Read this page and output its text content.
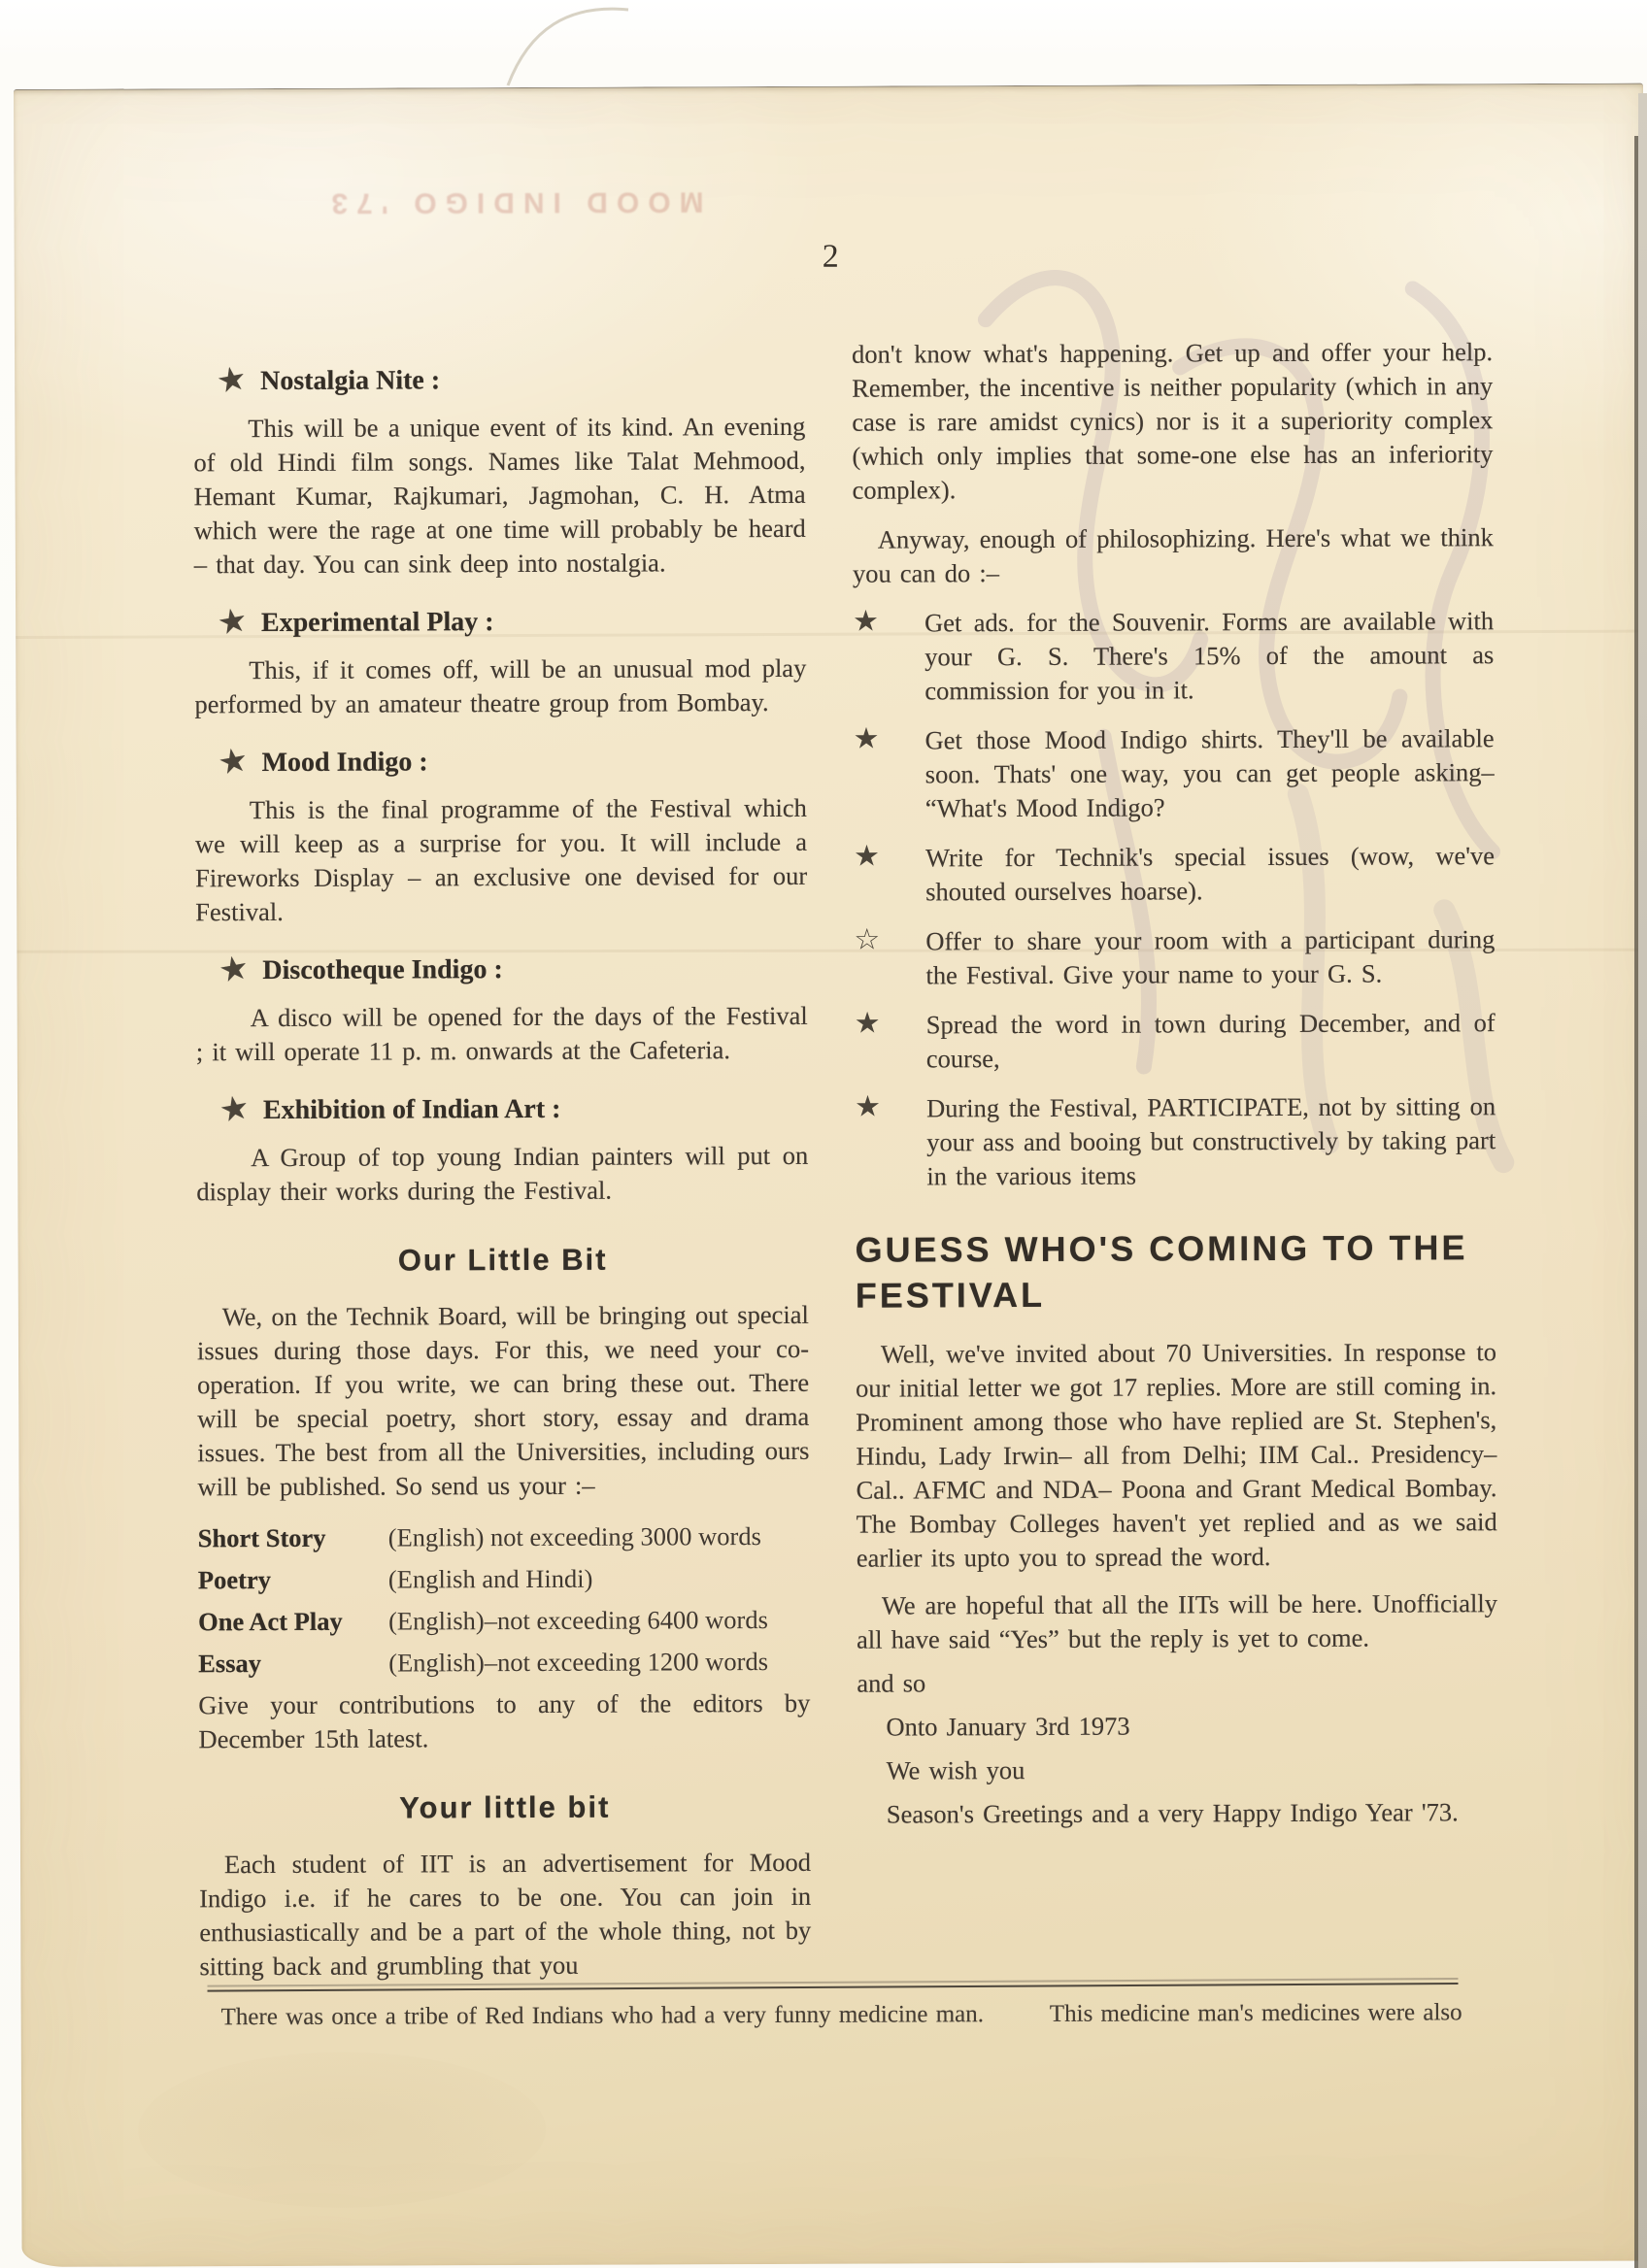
MOOD INDIGO '73
2
★ Nostalgia Nite :

This will be a unique event of its kind. An evening of old Hindi film songs. Names like Talat Mehmood, Hemant Kumar, Rajkumari, Jagmohan, C. H. Atma which were the rage at one time will probably be heard – that day. You can sink deep into nostalgia.

★ Experimental Play :

This, if it comes off, will be an unusual mod play performed by an amateur theatre group from Bombay.

★ Mood Indigo :

This is the final programme of the Festival which we will keep as a surprise for you. It will include a Fireworks Display – an exclusive one devised for our Festival.

★ Discotheque Indigo :

A disco will be opened for the days of the Festival ; it will operate 11 p. m. onwards at the Cafeteria.

★ Exhibition of Indian Art :

A Group of top young Indian painters will put on display their works during the Festival.

Our Little Bit

We, on the Technik Board, will be bringing out special issues during those days. For this, we need your co-operation. If you write, we can bring these out. There will be special poetry, short story, essay and drama issues. The best from all the Universities, including ours will be published. So send us your :–

Short Story	(English) not exceeding 3000 words
Poetry	(English and Hindi)
One Act Play	(English)–not exceeding 6400 words
Essay	(English)–not exceeding 1200 words

Give your contributions to any of the editors by December 15th latest.

Your little bit

Each student of IIT is an advertisement for Mood Indigo i.e. if he cares to be one. You can join in enthusiastically and be a part of the whole thing, not by sitting back and grumbling that you

don't know what's happening. Get up and offer your help. Remember, the incentive is neither popularity (which in any case is rare amidst cynics) nor is it a superiority complex (which only implies that some-one else has an inferiority complex).

Anyway, enough of philosophizing. Here's what we think you can do :–

★	Get ads. for the Souvenir. Forms are available with your G. S. There's 15% of the amount as commission for you in it.

★	Get those Mood Indigo shirts. They'll be available soon. Thats' one way, you can get people asking– “What's Mood Indigo?

★	Write for Technik's special issues (wow, we've shouted ourselves hoarse).

☆	Offer to share your room with a participant during the Festival. Give your name to your G. S.

★	Spread the word in town during December, and of course,

★	During the Festival, PARTICIPATE, not by sitting on your ass and booing but constructively by taking part in the various items

GUESS WHO'S COMING TO THE FESTIVAL

Well, we've invited about 70 Universities. In response to our initial letter we got 17 replies. More are still coming in. Prominent among those who have replied are St. Stephen's, Hindu, Lady Irwin– all from Delhi; IIM Cal.. Presidency–Cal.. AFMC and NDA– Poona and Grant Medical Bombay. The Bombay Colleges haven't yet replied and as we said earlier its upto you to spread the word.

We are hopeful that all the IITs will be here. Unofficially all have said “Yes” but the reply is yet to come.

and so

Onto January 3rd 1973

We wish you

Season's Greetings and a very Happy Indigo Year '73.

There was once a tribe of Red Indians who had a very funny medicine man.	This medicine man's medicines were also
